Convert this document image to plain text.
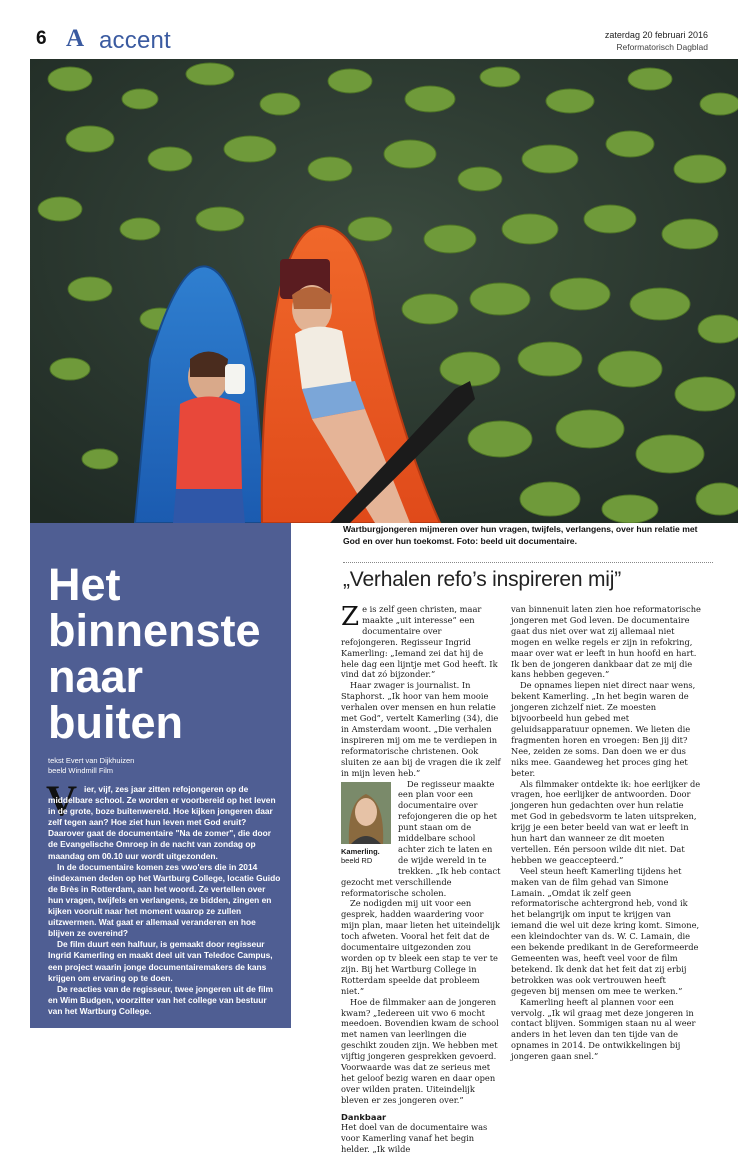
6 A accent	zaterdag 20 februari 2016
Reformatorisch Dagblad
Wartburgjongeren mijmeren over hun vragen, twijfels, verlangens, over hun relatie met God en over hun toekomst. Foto: beeld uit documentaire.
Het binnenste naar buiten
tekst Evert van Dijkhuizen
beeld Windmill Film
V ier, vijf, zes jaar zitten refojongeren op de middelbare school. Ze worden er voorbereid op het leven in de grote, boze buitenwereld. Hoe kijken jongeren daar zelf tegen aan? Hoe ziet hun leven met God eruit? Daarover gaat de documentaire "Na de zomer", die door de Evangelische Omroep in de nacht van zondag op maandag om 00.10 uur wordt uitgezonden.

In de documentaire komen zes vwo'ers die in 2014 eindexamen deden op het Wartburg College, locatie Guido de Brès in Rotterdam, aan het woord. Ze vertellen over hun vragen, twijfels en verlangens, ze bidden, zingen en kijken vooruit naar het moment waarop ze zullen uitzwermen. Wat gaat er allemaal veranderen en hoe blijven ze overeind?

De film duurt een halfuur, is gemaakt door regisseur Ingrid Kamerling en maakt deel uit van Teledoc Campus, een project waarin jonge documentairemakers de kans krijgen om ervaring op te doen.

De reacties van de regisseur, twee jongeren uit de film en Wim Budgen, voorzitter van het college van bestuur van het Wartburg College.

„Verhalen refo’s inspireren mij”

Ze is zelf geen christen, maar maakte „uit interesse” een documentaire over refojongeren. Regisseur Ingrid Kamerling: „Iemand zei dat hij de hele dag een lijntje met God heeft. Ik vind dat zó bijzonder.”

Haar zwager is journalist. In Staphorst. „Ik hoor van hem mooie verhalen over mensen en hun relatie met God”, vertelt Kamerling (34), die in Amsterdam woont. „Die verhalen inspireren mij om me te verdiepen in reformatorische christenen. Ook sluiten ze aan bij de vragen die ik zelf in mijn leven heb.”

Kamerling.
beeld RD

De regisseur maakte een plan voor een documentaire over refojongeren die op het punt staan om de middelbare school achter zich te laten en de wijde wereld in te trekken. „Ik heb contact gezocht met verschillende reformatorische scholen.

Ze nodigden mij uit voor een gesprek, hadden waardering voor mijn plan, maar lieten het uiteindelijk toch afweten. Vooral het feit dat de documentaire uitgezonden zou worden op tv bleek een stap te ver te zijn. Bij het Wartburg College in Rotterdam speelde dat probleem niet.”

Hoe de filmmaker aan de jongeren kwam? „Iedereen uit vwo 6 mocht meedoen. Bovendien kwam de school met namen van leerlingen die geschikt zouden zijn. We hebben met vijftig jongeren gesprekken gevoerd. Voorwaarde was dat ze serieus met het geloof bezig waren en daar open over wilden praten. Uiteindelijk bleven er zes jongeren over.”

Dankbaar

Het doel van de documentaire was voor Kamerling vanaf het begin helder. „Ik wilde

van binnenuit laten zien hoe reformatorische jongeren met God leven. De documentaire gaat dus niet over wat zij allemaal niet mogen en welke regels er zijn in refokring, maar over wat er leeft in hun hoofd en hart. Ik ben de jongeren dankbaar dat ze mij die kans hebben gegeven.”

De opnames liepen niet direct naar wens, bekent Kamerling. „In het begin waren de jongeren zichzelf niet. Ze moesten bijvoorbeeld hun gebed met geluidsapparatuur opnemen. We lieten die fragmenten horen en vroegen: Ben jij dit? Nee, zeiden ze soms. Dan doen we er dus niks mee. Gaandeweg het proces ging het beter.

Als filmmaker ontdekte ik: hoe eerlijker de vragen, hoe eerlijker de antwoorden. Door jongeren hun gedachten over hun relatie met God in gebedsvorm te laten uitspreken, krijg je een beter beeld van wat er leeft in hun hart dan wanneer ze dit moeten vertellen. Eén persoon wilde dit niet. Dat hebben we geaccepteerd.”

Veel steun heeft Kamerling tijdens het maken van de film gehad van Simone Lamain. „Omdat ik zelf geen reformatorische achtergrond heb, vond ik het belangrijk om input te krijgen van iemand die wel uit deze kring komt. Simone, een kleindochter van ds. W. C. Lamain, die een bekende predikant in de Gereformeerde Gemeenten was, heeft veel voor de film betekend. Ik denk dat het feit dat zij erbij betrokken was ook vertrouwen heeft gegeven bij mensen om mee te werken.”

Kamerling heeft al plannen voor een vervolg. „Ik wil graag met deze jongeren in contact blijven. Sommigen staan nu al weer anders in het leven dan ten tijde van de opnames in 2014. De ontwikkelingen bij jongeren gaan snel.”
